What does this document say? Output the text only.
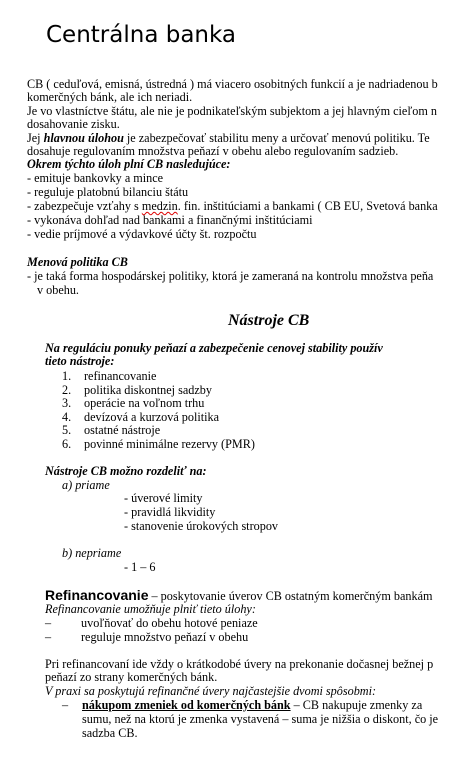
Centrálna banka
CB ( ceduľová, emisná, ústredná ) má viacero osobitných funkcií a je nadriadenou b
komerčných bánk, ale ich neriadi.
Je vo vlastníctve štátu, ale nie je podnikateľským subjektom a jej hlavným cieľom n
dosahovanie zisku.
Jej hlavnou úlohou je zabezpečovať stabilitu meny a určovať menovú politiku. Te
dosahuje regulovaním množstva peňazí v obehu alebo regulovaním sadzieb.
Okrem týchto úloh plní CB nasledujúce:
- emituje bankovky a mince
- reguluje platobnú bilanciu štátu
- zabezpečuje vzťahy s medzin. fin. inštitúciami a bankami ( CB EU, Svetová banka
- vykonáva dohľad nad bankami a finančnými inštitúciami
- vedie príjmové a výdavkové účty št. rozpočtu
Menová politika CB
- je taká forma hospodárskej politiky, ktorá je zameraná na kontrolu množstva peňa
v obehu.
Nástroje CB
Na reguláciu ponuky peňazí a zabezpečenie cenovej stability použív
tieto nástroje:
1. refinancovanie
2. politika diskontnej sadzby
3. operácie na voľnom trhu
4. devízová a kurzová politika
5. ostatné nástroje
6. povinné minimálne rezervy (PMR)
Nástroje CB možno rozdeliť na:
a) priame
- úverové limity
- pravidlá likvidity
- stanovenie úrokových stropov
b) nepriame
- 1 – 6
Refinancovanie – poskytovanie úverov CB ostatným komerčným bankám
Refinancovanie umožňuje plniť tieto úlohy:
– uvoľňovať do obehu hotové peniaze
– reguluje množstvo peňazí v obehu
Pri refinancovaní ide vždy o krátkodobé úvery na prekonanie dočasnej bežnej p
peňazí zo strany komerčných bánk.
V praxi sa poskytujú refinančné úvery najčastejšie dvomi spôsobmi:
– nákupom zmeniek od komerčných bánk – CB nakupuje zmenky za
sumu, než na ktorú je zmenka vystavená – suma je nižšia o diskont, čo je
sadzba CB.
